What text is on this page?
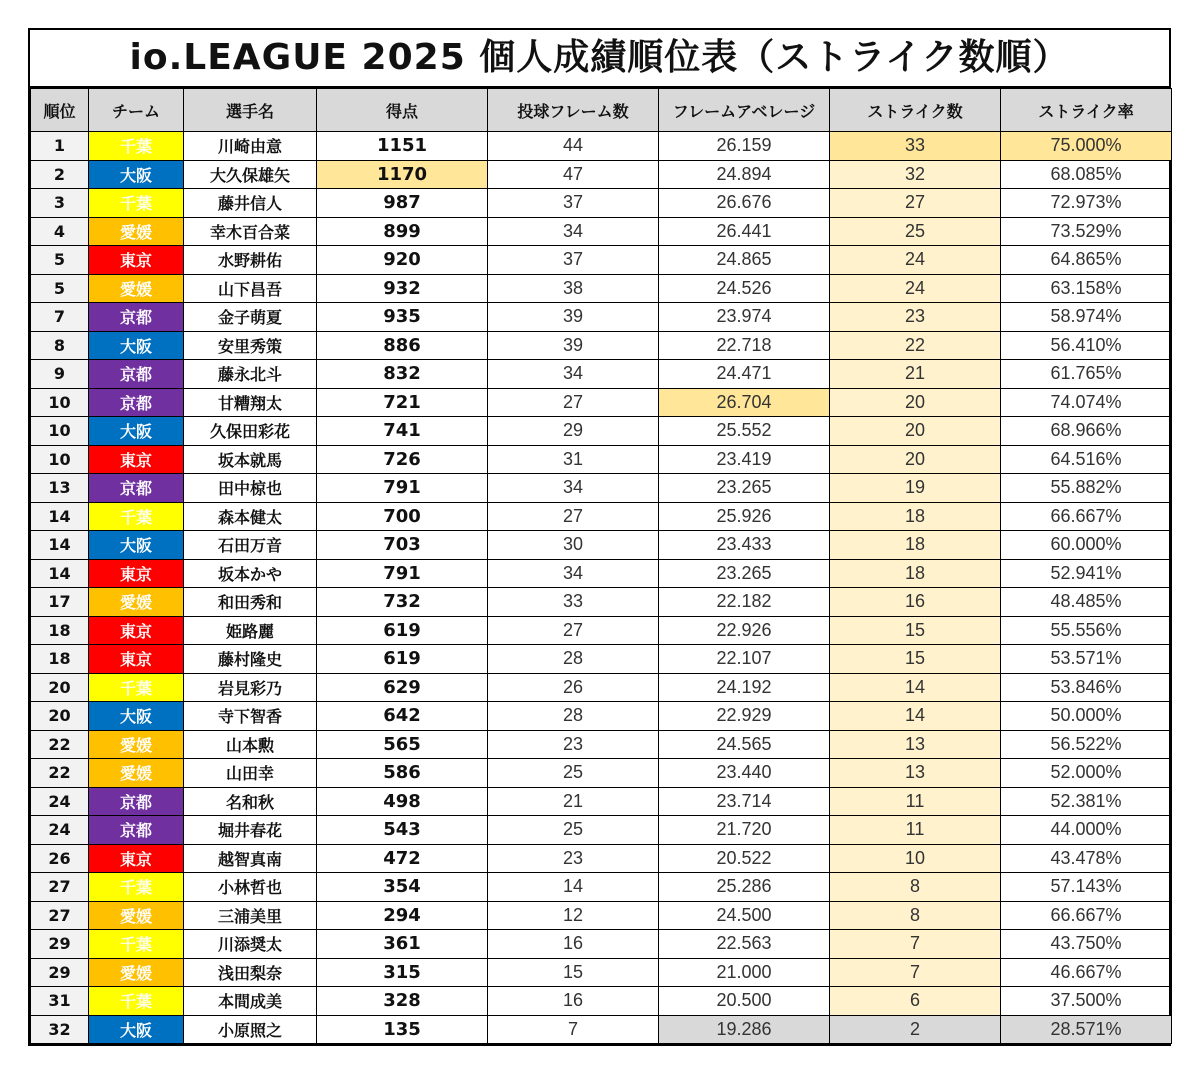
io.LEAGUE 2025 個人成績順位表（ストライク数順）
順位	チーム	選手名	得点	投球フレーム数	フレームアベレージ	ストライク数	ストライク率
1	千葉	川崎由意	1151	44	26.159	33	75.000%
2	大阪	大久保雄矢	1170	47	24.894	32	68.085%
3	千葉	藤井信人	987	37	26.676	27	72.973%
4	愛媛	幸木百合菜	899	34	26.441	25	73.529%
5	東京	水野耕佑	920	37	24.865	24	64.865%
5	愛媛	山下昌吾	932	38	24.526	24	63.158%
7	京都	金子萌夏	935	39	23.974	23	58.974%
8	大阪	安里秀策	886	39	22.718	22	56.410%
9	京都	藤永北斗	832	34	24.471	21	61.765%
10	京都	甘糟翔太	721	27	26.704	20	74.074%
10	大阪	久保田彩花	741	29	25.552	20	68.966%
10	東京	坂本就馬	726	31	23.419	20	64.516%
13	京都	田中椋也	791	34	23.265	19	55.882%
14	千葉	森本健太	700	27	25.926	18	66.667%
14	大阪	石田万音	703	30	23.433	18	60.000%
14	東京	坂本かや	791	34	23.265	18	52.941%
17	愛媛	和田秀和	732	33	22.182	16	48.485%
18	東京	姫路麗	619	27	22.926	15	55.556%
18	東京	藤村隆史	619	28	22.107	15	53.571%
20	千葉	岩見彩乃	629	26	24.192	14	53.846%
20	大阪	寺下智香	642	28	22.929	14	50.000%
22	愛媛	山本勲	565	23	24.565	13	56.522%
22	愛媛	山田幸	586	25	23.440	13	52.000%
24	京都	名和秋	498	21	23.714	11	52.381%
24	京都	堀井春花	543	25	21.720	11	44.000%
26	東京	越智真南	472	23	20.522	10	43.478%
27	千葉	小林哲也	354	14	25.286	8	57.143%
27	愛媛	三浦美里	294	12	24.500	8	66.667%
29	千葉	川添奨太	361	16	22.563	7	43.750%
29	愛媛	浅田梨奈	315	15	21.000	7	46.667%
31	千葉	本間成美	328	16	20.500	6	37.500%
32	大阪	小原照之	135	7	19.286	2	28.571%
